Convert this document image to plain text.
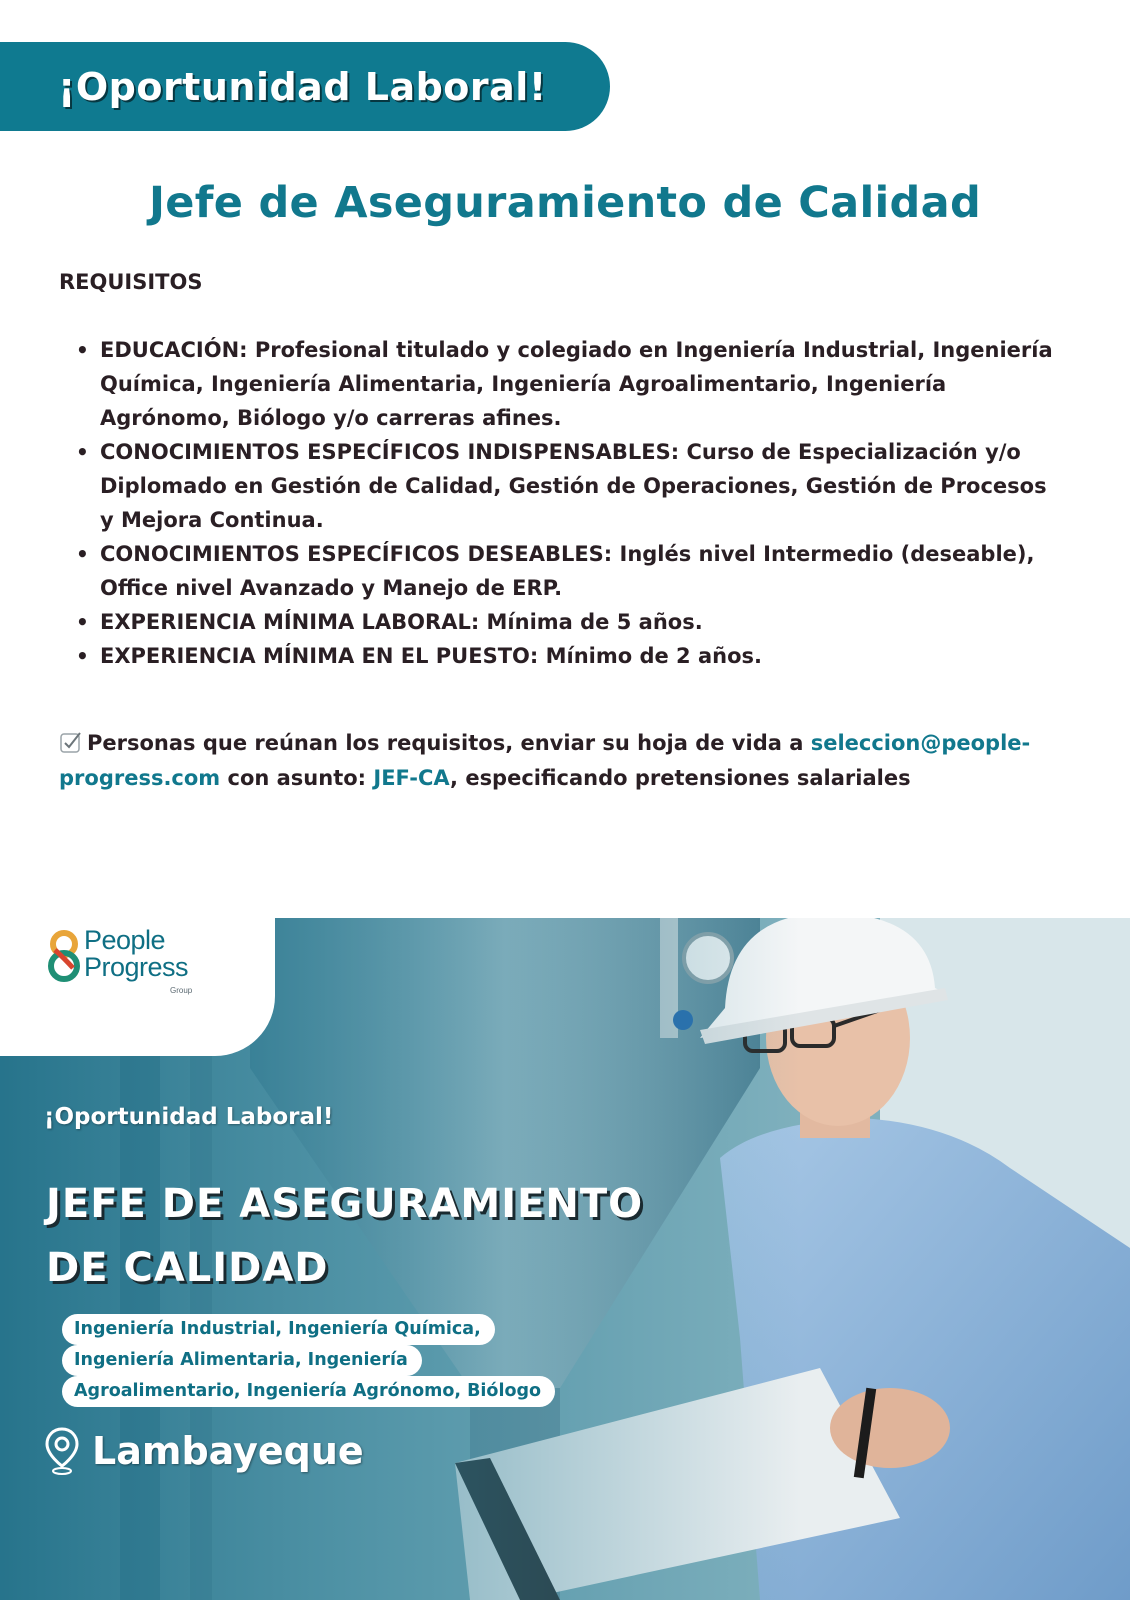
¡Oportunidad Laboral!
Jefe de Aseguramiento de Calidad
REQUISITOS
• EDUCACIÓN: Profesional titulado y colegiado en Ingeniería Industrial, Ingeniería Química, Ingeniería Alimentaria, Ingeniería Agroalimentario, Ingeniería Agrónomo, Biólogo y/o carreras afines.
• CONOCIMIENTOS ESPECÍFICOS INDISPENSABLES: Curso de Especialización y/o Diplomado en Gestión de Calidad, Gestión de Operaciones, Gestión de Procesos y Mejora Continua.
• CONOCIMIENTOS ESPECÍFICOS DESEABLES: Inglés nivel Intermedio (deseable), Office nivel Avanzado y Manejo de ERP.
• EXPERIENCIA MÍNIMA LABORAL: Mínima de 5 años.
• EXPERIENCIA MÍNIMA EN EL PUESTO: Mínimo de 2 años.
Personas que reúnan los requisitos, enviar su hoja de vida a seleccion@people-progress.com con asunto: JEF-CA, especificando pretensiones salariales
People
Progress
Group
¡Oportunidad Laboral!
JEFE DE ASEGURAMIENTO
DE CALIDAD
Ingeniería Industrial, Ingeniería Química,
Ingeniería Alimentaria, Ingeniería
Agroalimentario, Ingeniería Agrónomo, Biólogo
Lambayeque
